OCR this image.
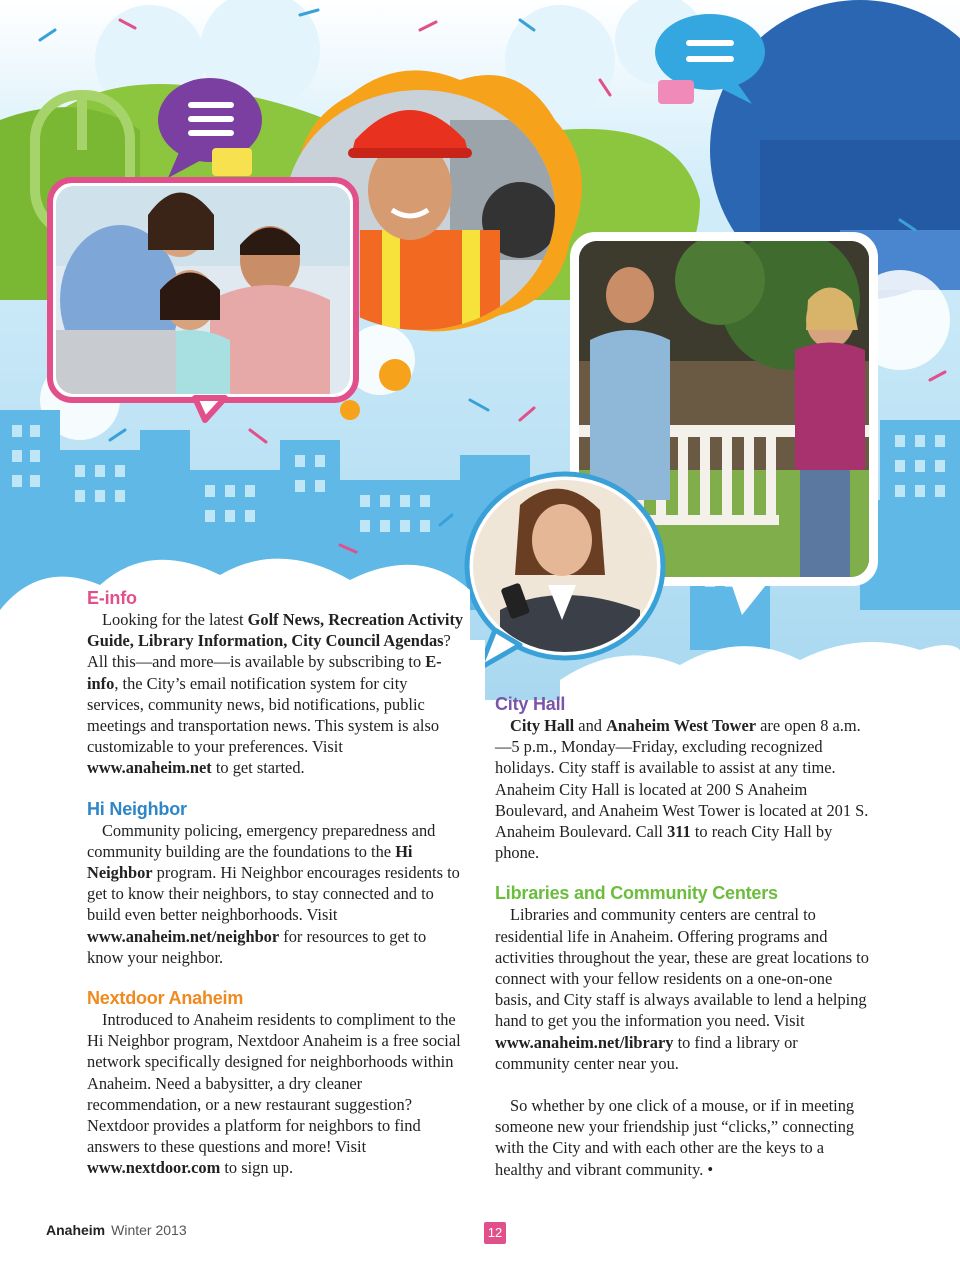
E-info

Looking for the latest Golf News, Recreation Activity Guide, Library Information, City Council Agendas? All this—and more—is available by subscribing to E-info, the City’s email notification system for city services, community news, bid notifications, public meetings and transportation news. This system is also customizable to your preferences. Visit www.anaheim.net to get started.

Hi Neighbor

Community policing, emergency preparedness and community building are the foundations to the Hi Neighbor program. Hi Neighbor encourages residents to get to know their neighbors, to stay connected and to build even better neighborhoods. Visit www.anaheim.net/neighbor for resources to get to know your neighbor.

Nextdoor Anaheim

Introduced to Anaheim residents to compliment to the Hi Neighbor program, Nextdoor Anaheim is a free social network specifically designed for neighborhoods within Anaheim. Need a babysitter, a dry cleaner recommendation, or a new restaurant suggestion? Nextdoor provides a platform for neighbors to find answers to these questions and more! Visit www.nextdoor.com to sign up.

City Hall

City Hall and Anaheim West Tower are open 8 a.m.—5 p.m., Monday—Friday, excluding recognized holidays. City staff is available to assist at any time. Anaheim City Hall is located at 200 S Anaheim Boulevard, and Anaheim West Tower is located at 201 S. Anaheim Boulevard. Call 311 to reach City Hall by phone.

Libraries and Community Centers

Libraries and community centers are central to residential life in Anaheim. Offering programs and activities throughout the year, these are great locations to connect with your fellow residents on a one-on-one basis, and City staff is always available to lend a helping hand to get you the information you need. Visit www.anaheim.net/library to find a library or community center near you.

So whether by one click of a mouse, or if in meeting someone new your friendship just “clicks,” connecting with the City and with each other are the keys to a healthy and vibrant community. •

Anaheim Winter 2013	12
